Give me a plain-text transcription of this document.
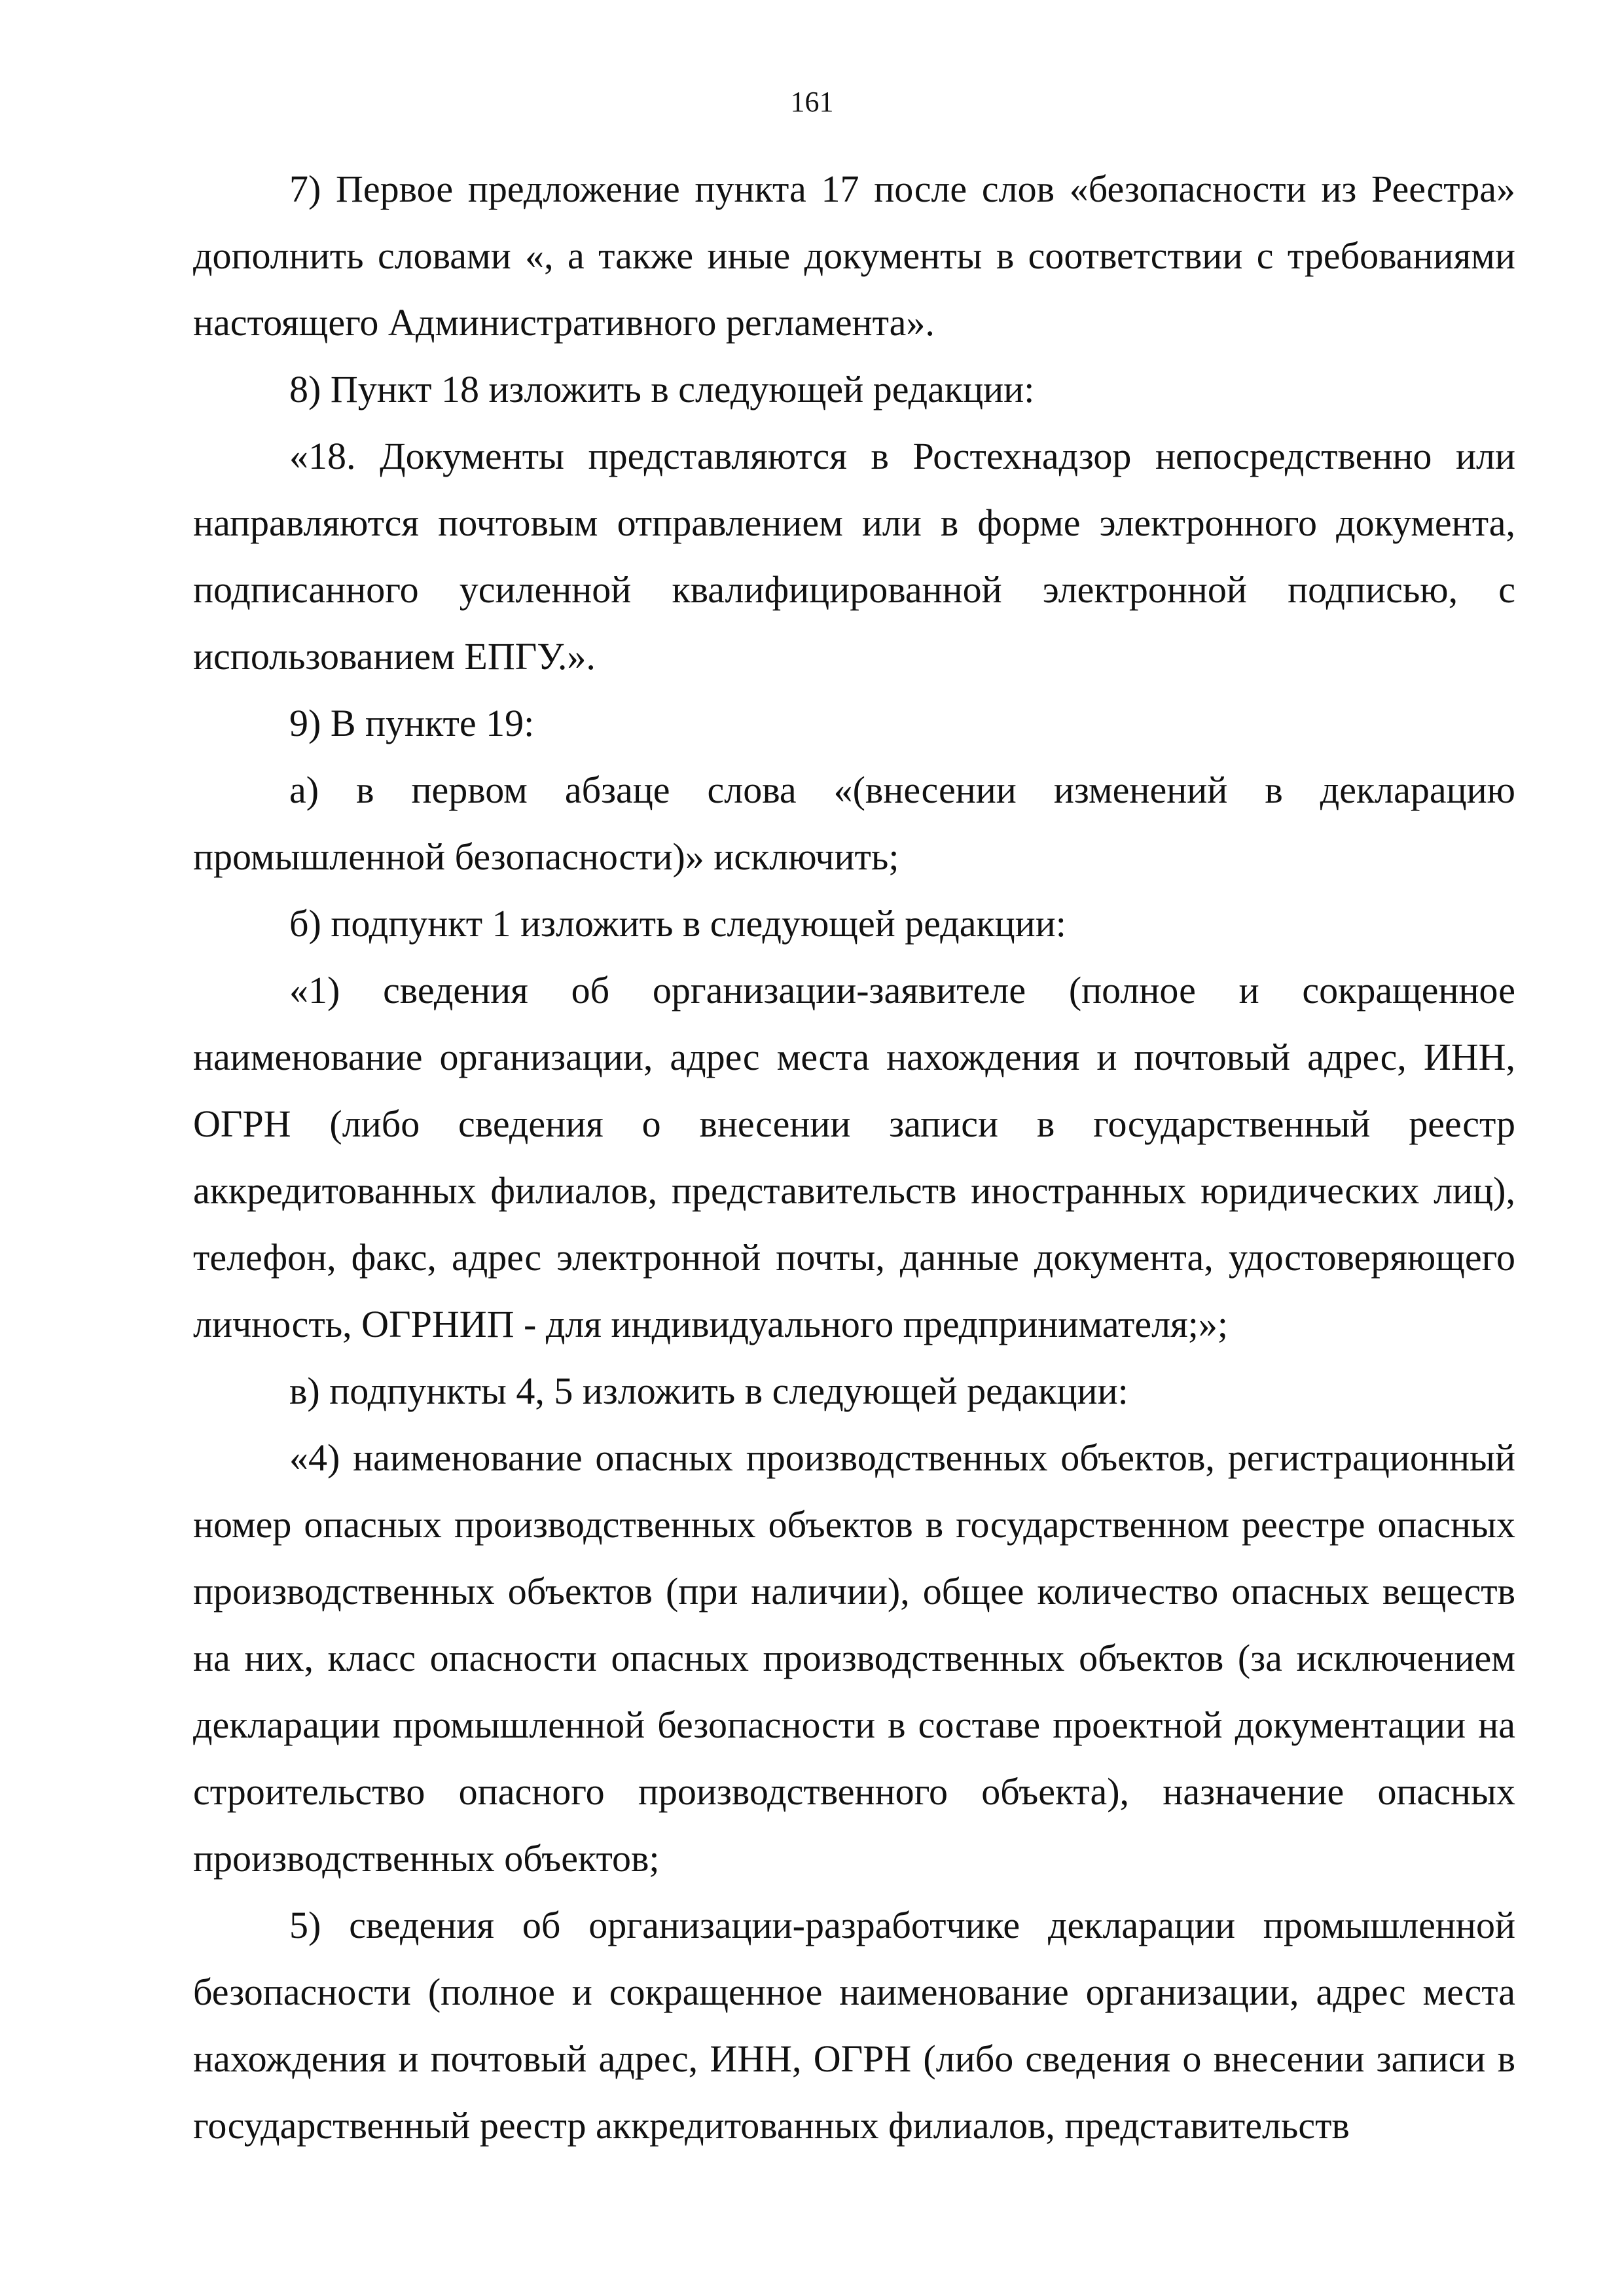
161

7) Первое предложение пункта 17 после слов «безопасности из Реестра» дополнить словами «, а также иные документы в соответствии с требованиями настоящего Административного регламента».

8) Пункт 18 изложить в следующей редакции:

«18. Документы представляются в Ростехнадзор непосредственно или направляются почтовым отправлением или в форме электронного документа, подписанного усиленной квалифицированной электронной подписью, с использованием ЕПГУ.».

9) В пункте 19:

а) в первом абзаце слова «(внесении изменений в декларацию промышленной безопасности)» исключить;

б) подпункт 1 изложить в следующей редакции:

«1) сведения об организации-заявителе (полное и сокращенное наименование организации, адрес места нахождения и почтовый адрес, ИНН, ОГРН (либо сведения о внесении записи в государственный реестр аккредитованных филиалов, представительств иностранных юридических лиц), телефон, факс, адрес электронной почты, данные документа, удостоверяющего личность, ОГРНИП - для индивидуального предпринимателя;»;

в) подпункты 4, 5 изложить в следующей редакции:

«4) наименование опасных производственных объектов, регистрационный номер опасных производственных объектов в государственном реестре опасных производственных объектов (при наличии), общее количество опасных веществ на них, класс опасности опасных производственных объектов (за исключением декларации промышленной безопасности в составе проектной документации на строительство опасного производственного объекта), назначение опасных производственных объектов;

5) сведения об организации-разработчике декларации промышленной безопасности (полное и сокращенное наименование организации, адрес места нахождения и почтовый адрес, ИНН, ОГРН (либо сведения о внесении записи в государственный реестр аккредитованных филиалов, представительств
